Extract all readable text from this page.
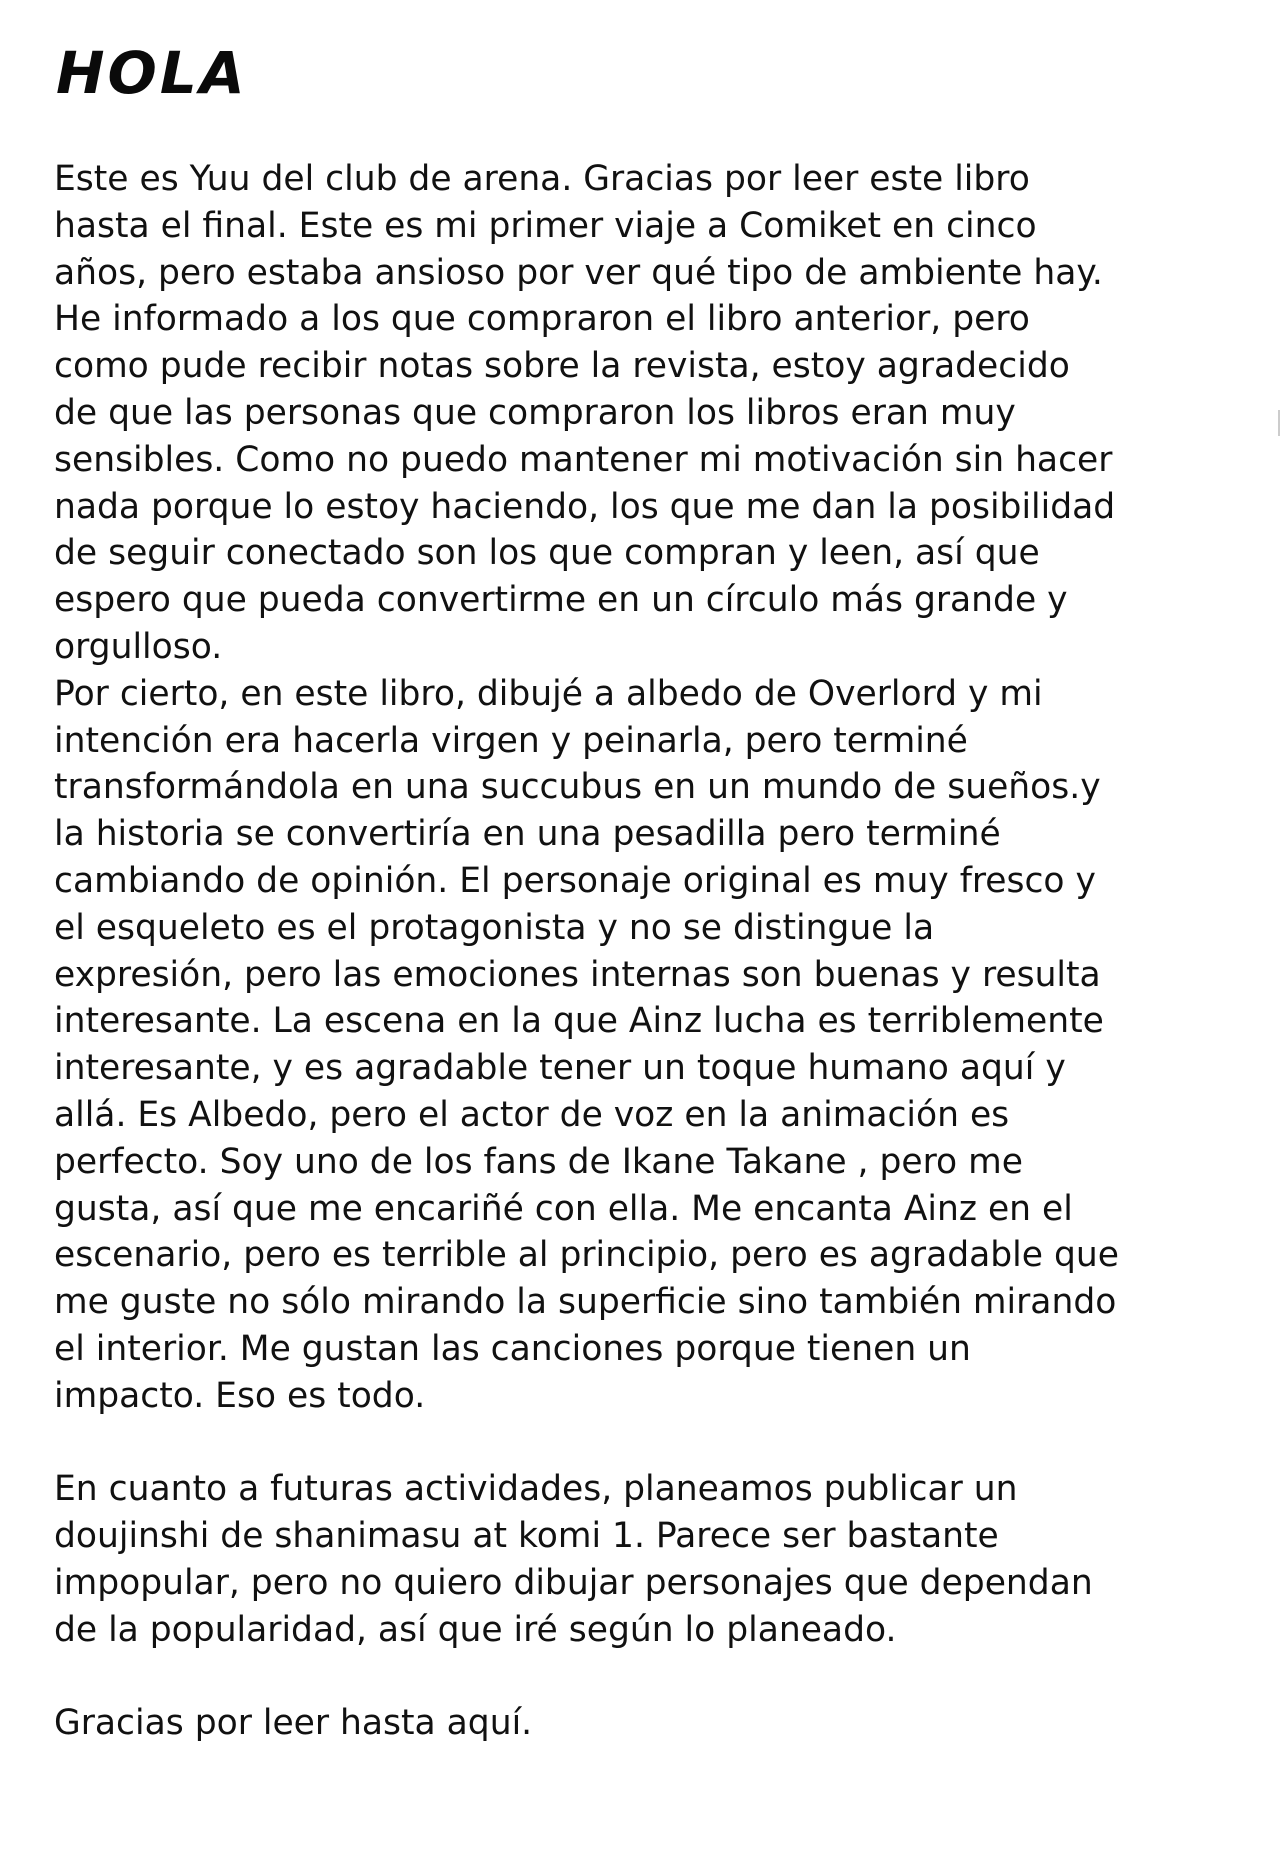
HOLA

Este es Yuu del club de arena. Gracias por leer este libro
hasta el final. Este es mi primer viaje a Comiket en cinco
años, pero estaba ansioso por ver qué tipo de ambiente hay.
He informado a los que compraron el libro anterior, pero
como pude recibir notas sobre la revista, estoy agradecido
de que las personas que compraron los libros eran muy
sensibles. Como no puedo mantener mi motivación sin hacer
nada porque lo estoy haciendo, los que me dan la posibilidad
de seguir conectado son los que compran y leen, así que
espero que pueda convertirme en un círculo más grande y
orgulloso.

Por cierto, en este libro, dibujé a albedo de Overlord y mi
intención era hacerla virgen y peinarla, pero terminé
transformándola en una succubus en un mundo de sueños.y
la historia se convertiría en una pesadilla pero terminé
cambiando de opinión. El personaje original es muy fresco y
el esqueleto es el protagonista y no se distingue la
expresión, pero las emociones internas son buenas y resulta
interesante. La escena en la que Ainz lucha es terriblemente
interesante, y es agradable tener un toque humano aquí y
allá. Es Albedo, pero el actor de voz en la animación es
perfecto. Soy uno de los fans de Ikane Takane , pero me
gusta, así que me encariñé con ella. Me encanta Ainz en el
escenario, pero es terrible al principio, pero es agradable que
me guste no sólo mirando la superficie sino también mirando
el interior. Me gustan las canciones porque tienen un
impacto. Eso es todo.

En cuanto a futuras actividades, planeamos publicar un
doujinshi de shanimasu at komi 1. Parece ser bastante
impopular, pero no quiero dibujar personajes que dependan
de la popularidad, así que iré según lo planeado.

Gracias por leer hasta aquí.
